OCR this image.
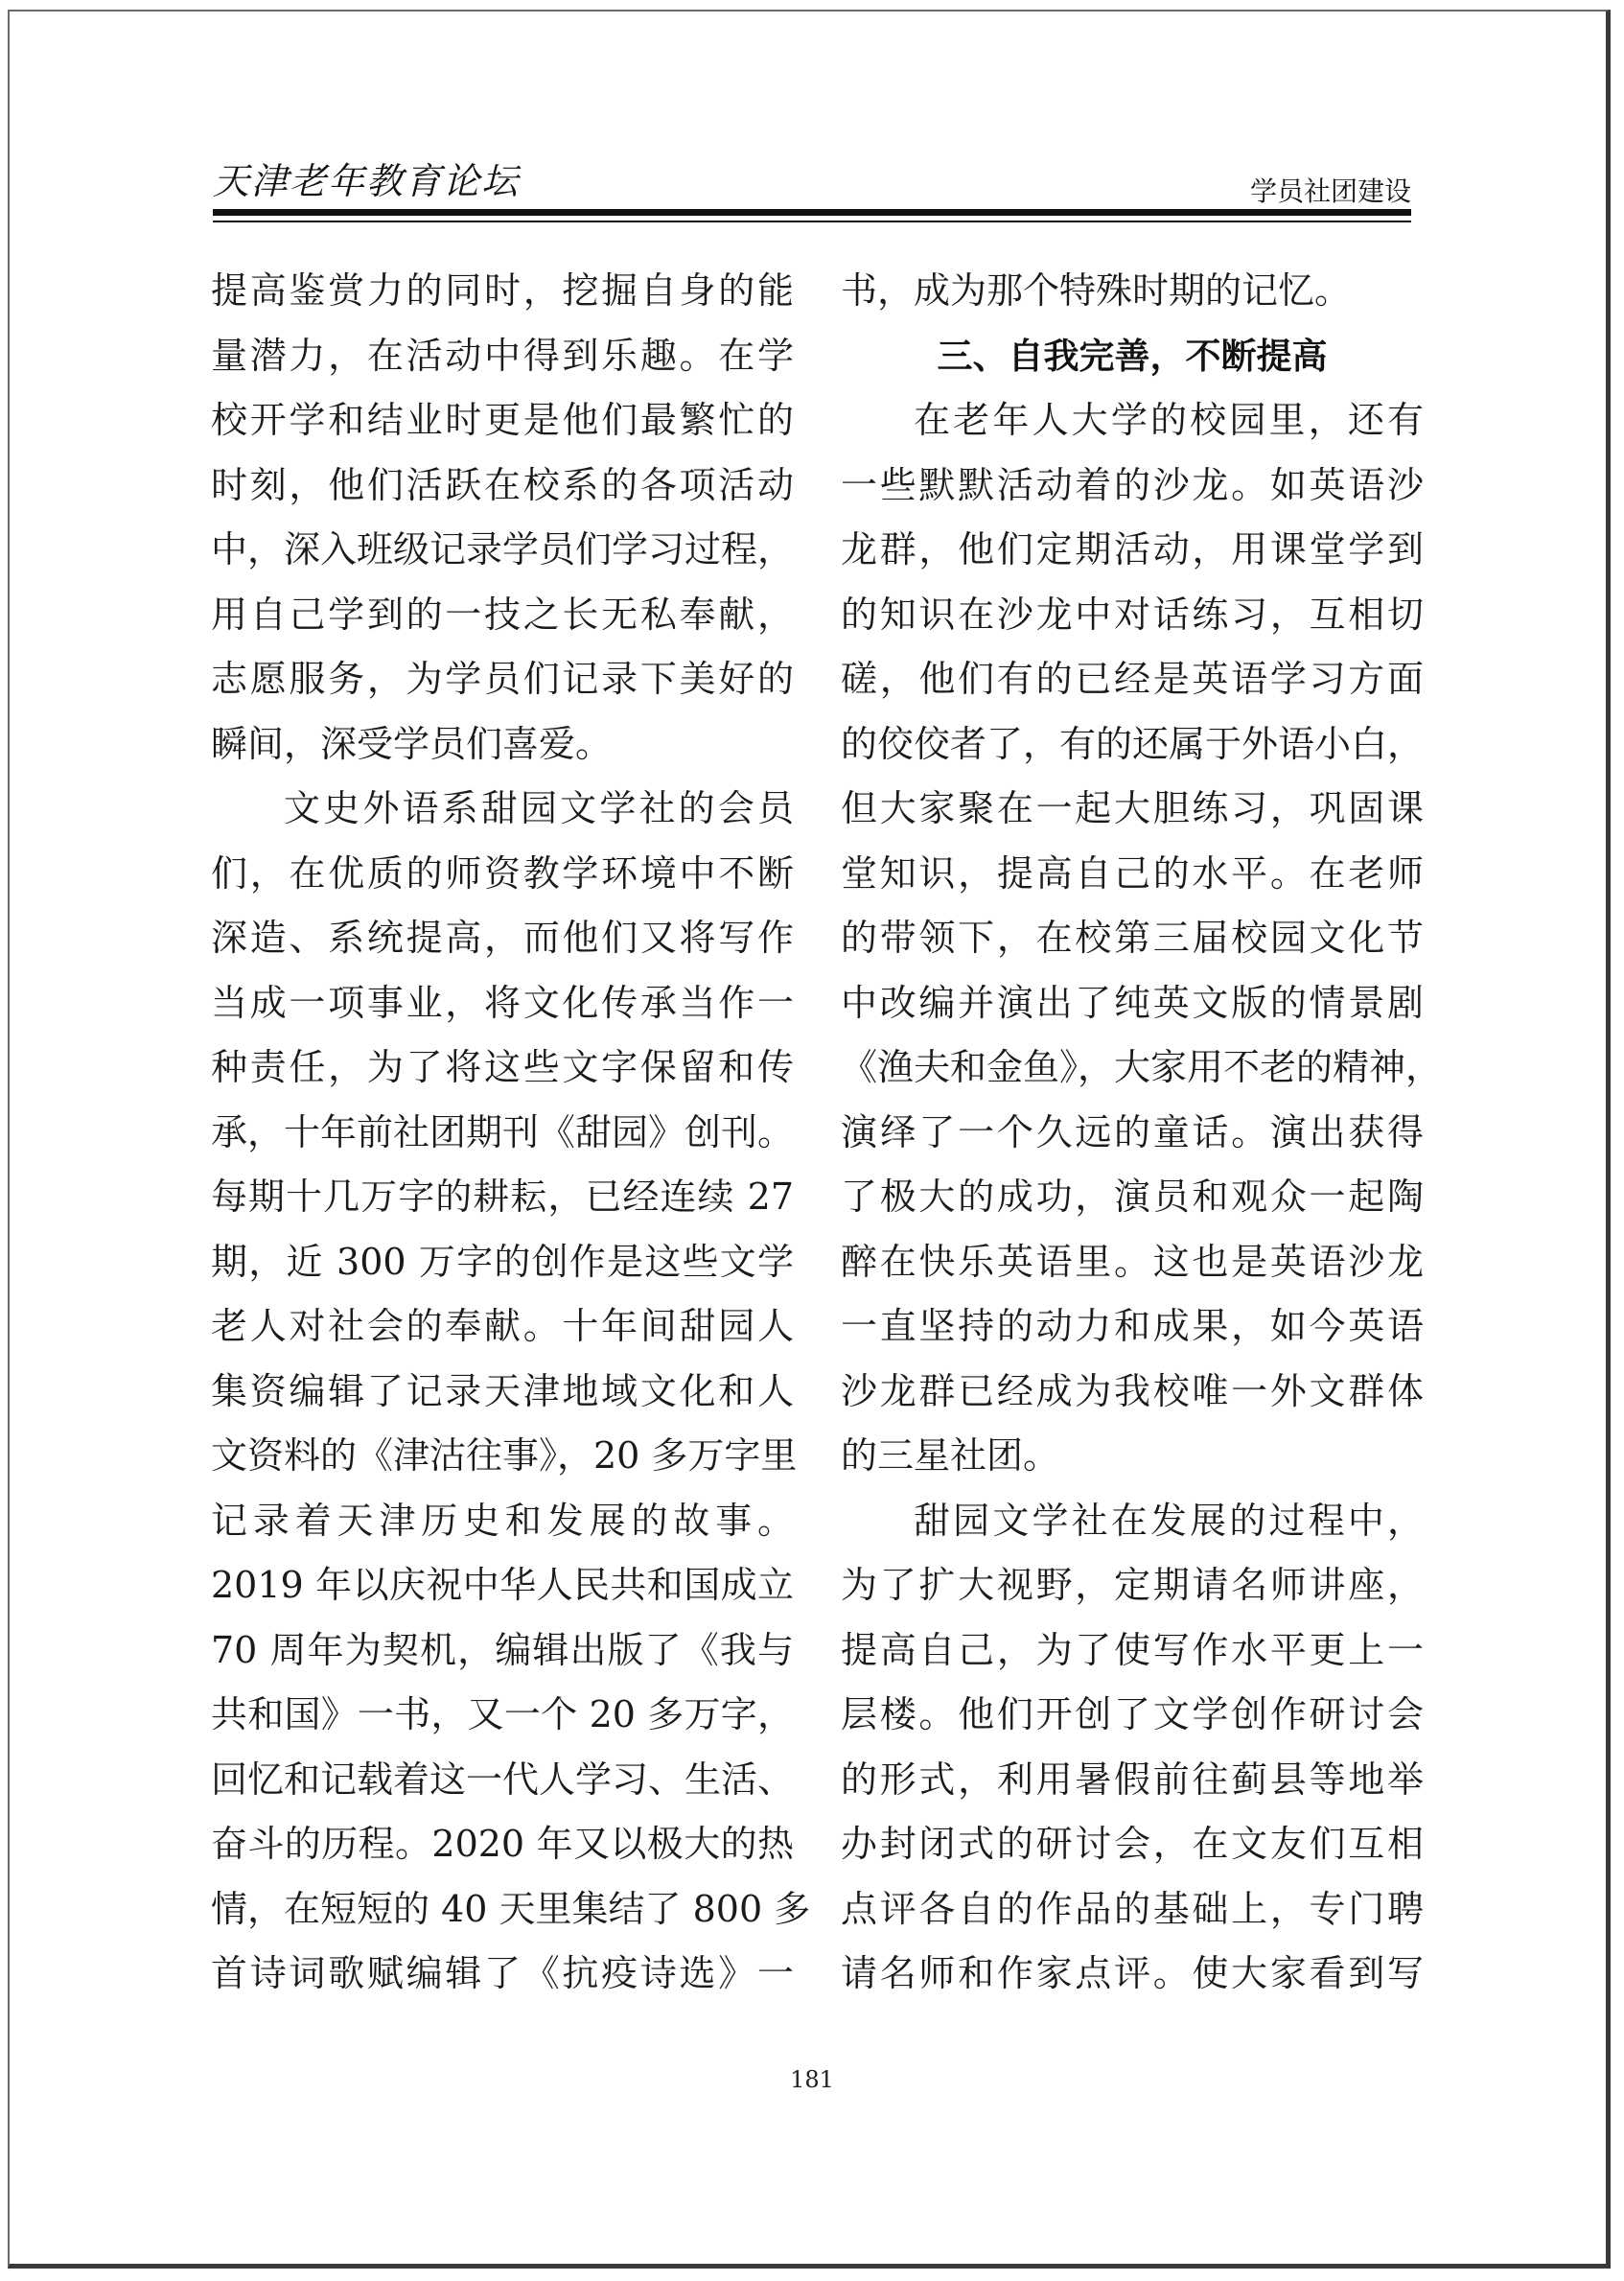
天津老年教育论坛	学员社团建设
提高鉴赏力的同时，挖掘自身的能
量潜力，在活动中得到乐趣。在学
校开学和结业时更是他们最繁忙的
时刻，他们活跃在校系的各项活动
中，深入班级记录学员们学习过程，
用自己学到的一技之长无私奉献，
志愿服务，为学员们记录下美好的
瞬间，深受学员们喜爱。
文史外语系甜园文学社的会员
们，在优质的师资教学环境中不断
深造、系统提高，而他们又将写作
当成一项事业，将文化传承当作一
种责任，为了将这些文字保留和传
承，十年前社团期刊《甜园》创刊。
每期十几万字的耕耘，已经连续 27
期，近 300 万字的创作是这些文学
老人对社会的奉献。十年间甜园人
集资编辑了记录天津地域文化和人
文资料的《津沽往事》，20 多万字里
记录着天津历史和发展的故事。
2019 年以庆祝中华人民共和国成立
70 周年为契机，编辑出版了《我与
共和国》一书，又一个 20 多万字，
回忆和记载着这一代人学习、生活、
奋斗的历程。2020 年又以极大的热
情，在短短的 40 天里集结了 800 多
首诗词歌赋编辑了《抗疫诗选》一
书，成为那个特殊时期的记忆。
三、自我完善，不断提高
在老年人大学的校园里，还有
一些默默活动着的沙龙。如英语沙
龙群，他们定期活动，用课堂学到
的知识在沙龙中对话练习，互相切
磋，他们有的已经是英语学习方面
的佼佼者了，有的还属于外语小白，
但大家聚在一起大胆练习，巩固课
堂知识，提高自己的水平。在老师
的带领下，在校第三届校园文化节
中改编并演出了纯英文版的情景剧
《渔夫和金鱼》，大家用不老的精神，
演绎了一个久远的童话。演出获得
了极大的成功，演员和观众一起陶
醉在快乐英语里。这也是英语沙龙
一直坚持的动力和成果，如今英语
沙龙群已经成为我校唯一外文群体
的三星社团。
甜园文学社在发展的过程中，
为了扩大视野，定期请名师讲座，
提高自己，为了使写作水平更上一
层楼。他们开创了文学创作研讨会
的形式，利用暑假前往蓟县等地举
办封闭式的研讨会，在文友们互相
点评各自的作品的基础上，专门聘
请名师和作家点评。使大家看到写
181
